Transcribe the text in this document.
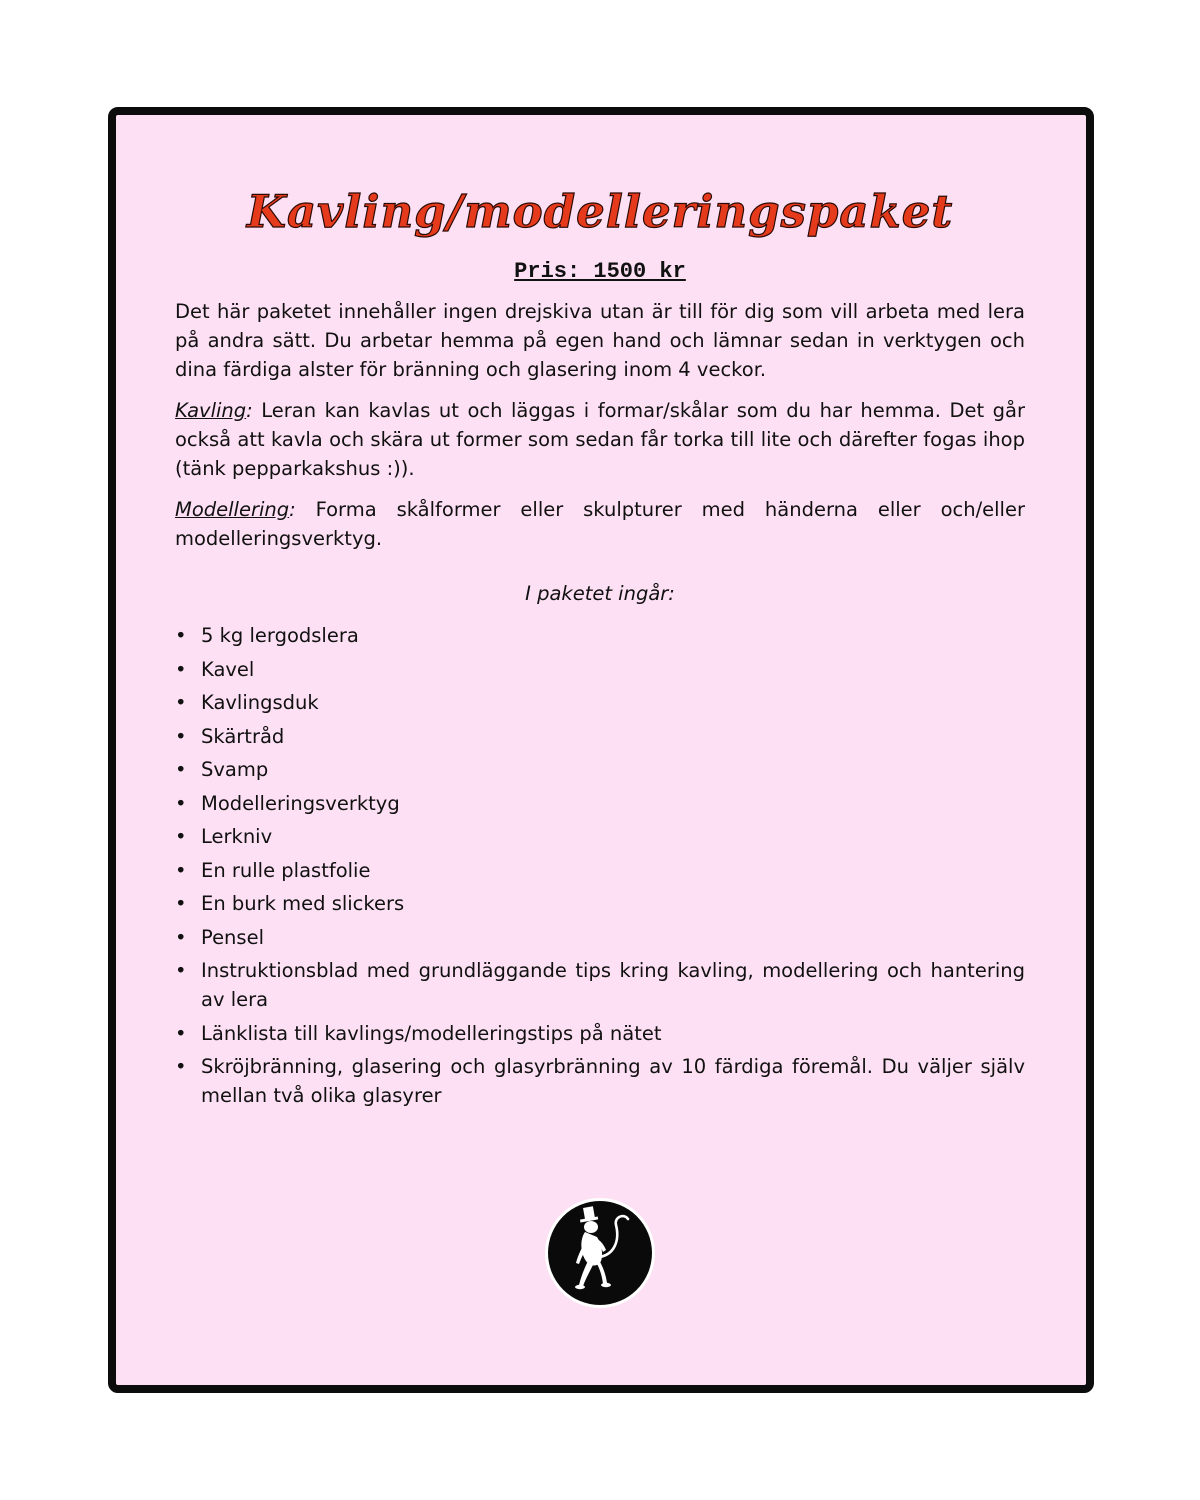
Kavling/modelleringspaket
Pris: 1500 kr

Det här paketet innehåller ingen drejskiva utan är till för dig som vill arbeta med lera på andra sätt. Du arbetar hemma på egen hand och lämnar sedan in verktygen och dina färdiga alster för bränning och glasering inom 4 veckor.

Kavling: Leran kan kavlas ut och läggas i formar/skålar som du har hemma. Det går också att kavla och skära ut former som sedan får torka till lite och därefter fogas ihop (tänk pepparkakshus :)).

Modellering: Forma skålformer eller skulpturer med händerna eller och/eller modelleringsverktyg.

I paketet ingår:
• 5 kg lergodslera
• Kavel
• Kavlingsduk
• Skärtråd
• Svamp
• Modelleringsverktyg
• Lerkniv
• En rulle plastfolie
• En burk med slickers
• Pensel
• Instruktionsblad med grundläggande tips kring kavling, modellering och hantering av lera
• Länklista till kavlings/modelleringstips på nätet
• Skröjbränning, glasering och glasyrbränning av 10 färdiga föremål. Du väljer själv mellan två olika glasyrer
